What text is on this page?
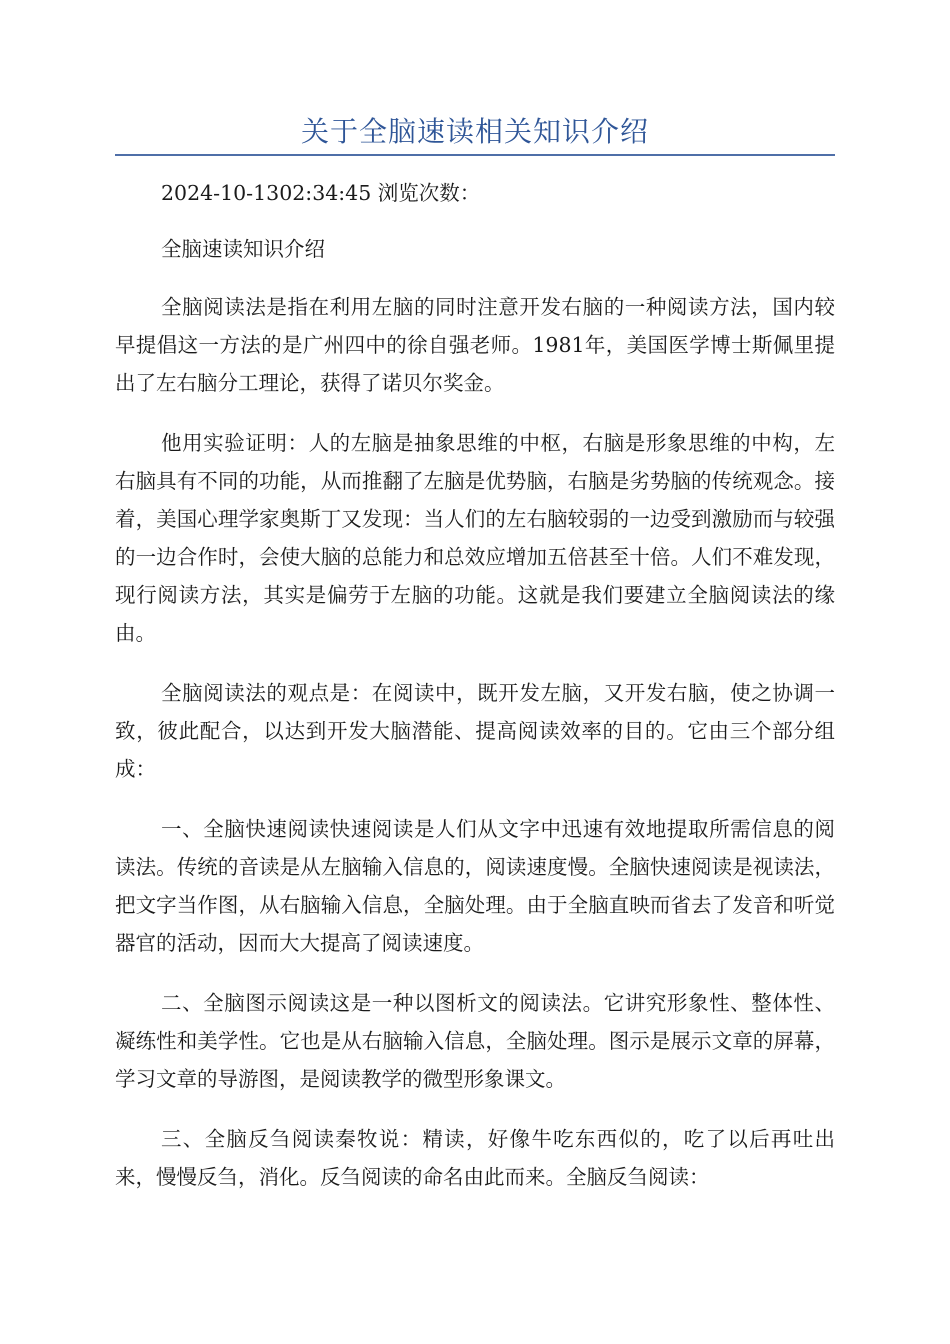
关于全脑速读相关知识介绍

2024-10-1302:34:45 浏览次数：

全脑速读知识介绍

全脑阅读法是指在利用左脑的同时注意开发右脑的一种阅读方法，国内较早提倡这一方法的是广州四中的徐自强老师。1981年，美国医学博士斯佩里提出了左右脑分工理论，获得了诺贝尔奖金。

他用实验证明：人的左脑是抽象思维的中枢，右脑是形象思维的中构，左右脑具有不同的功能，从而推翻了左脑是优势脑，右脑是劣势脑的传统观念。接着，美国心理学家奥斯丁又发现：当人们的左右脑较弱的一边受到激励而与较强的一边合作时，会使大脑的总能力和总效应增加五倍甚至十倍。人们不难发现，现行阅读方法，其实是偏劳于左脑的功能。这就是我们要建立全脑阅读法的缘由。

全脑阅读法的观点是：在阅读中，既开发左脑，又开发右脑，使之协调一致，彼此配合，以达到开发大脑潜能、提高阅读效率的目的。它由三个部分组成：

一、全脑快速阅读快速阅读是人们从文字中迅速有效地提取所需信息的阅读法。传统的音读是从左脑输入信息的，阅读速度慢。全脑快速阅读是视读法，把文字当作图，从右脑输入信息，全脑处理。由于全脑直映而省去了发音和听觉器官的活动，因而大大提高了阅读速度。

二、全脑图示阅读这是一种以图析文的阅读法。它讲究形象性、整体性、凝练性和美学性。它也是从右脑输入信息，全脑处理。图示是展示文章的屏幕，学习文章的导游图，是阅读教学的微型形象课文。

三、全脑反刍阅读秦牧说：精读，好像牛吃东西似的，吃了以后再吐出来，慢慢反刍，消化。反刍阅读的命名由此而来。全脑反刍阅读：
